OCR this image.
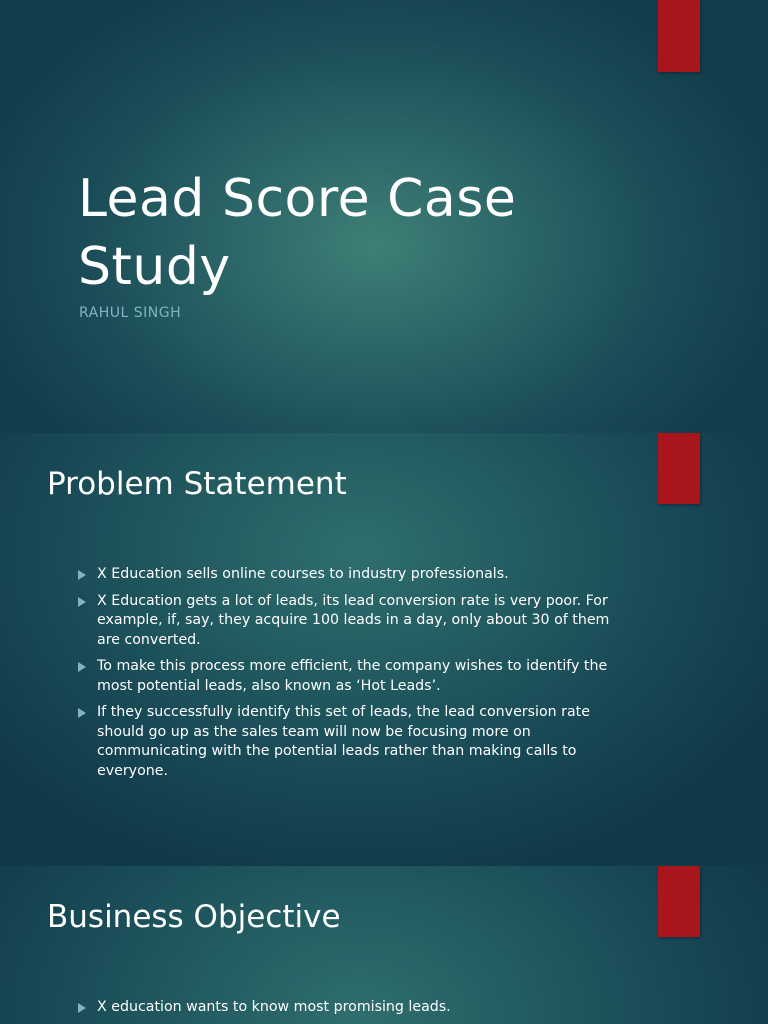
Lead Score Case Study

RAHUL SINGH

Problem Statement
X Education sells online courses to industry professionals.
X Education gets a lot of leads, its lead conversion rate is very poor. For example, if, say, they acquire 100 leads in a day, only about 30 of them are converted.
To make this process more efficient, the company wishes to identify the most potential leads, also known as ‘Hot Leads’.
If they successfully identify this set of leads, the lead conversion rate should go up as the sales team will now be focusing more on communicating with the potential leads rather than making calls to everyone.
Business Objective
X education wants to know most promising leads.
